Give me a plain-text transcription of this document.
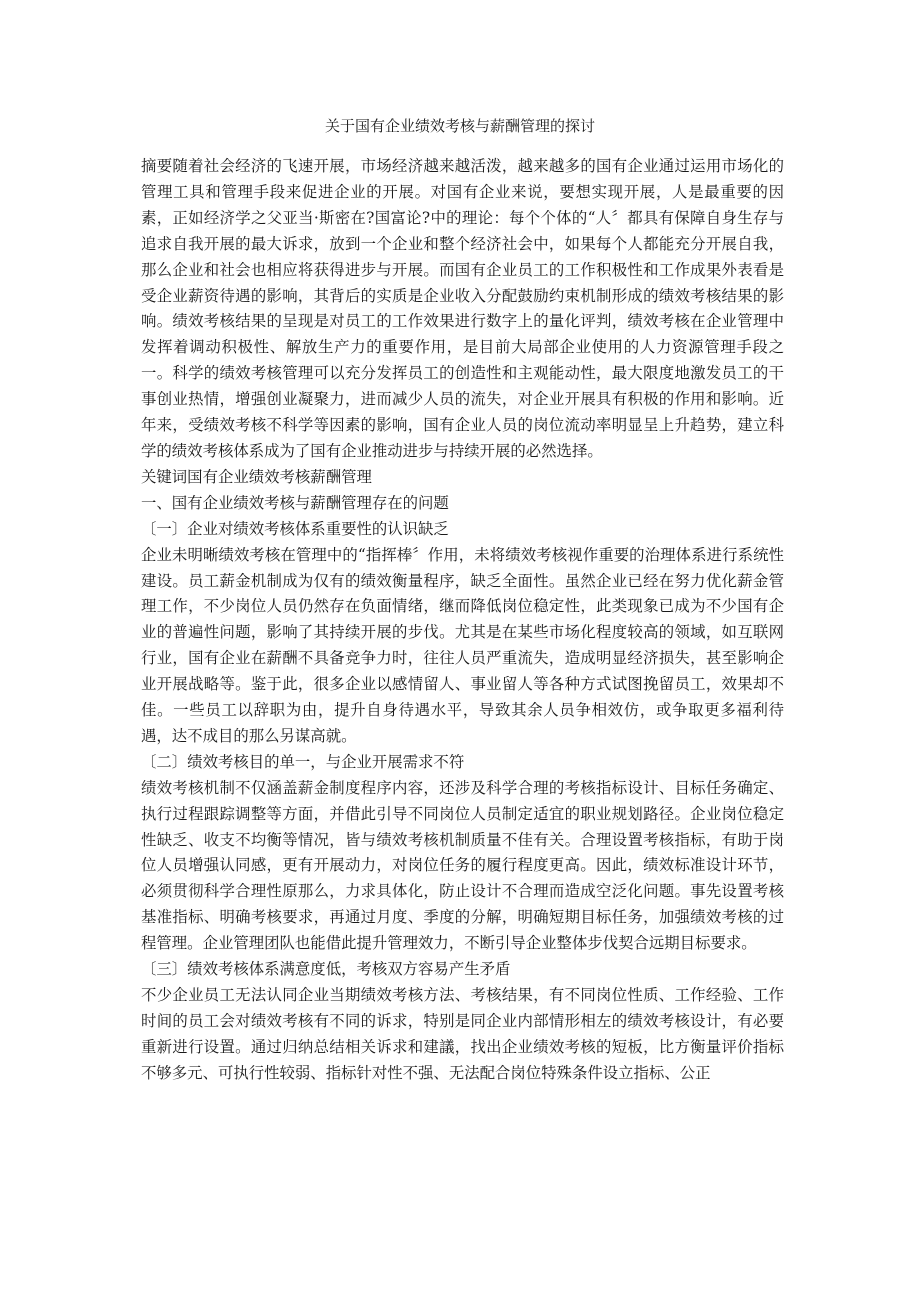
关于国有企业绩效考核与薪酬管理的探讨

摘要随着社会经济的飞速开展，市场经济越来越活泼，越来越多的国有企业通过运用市场化的管理工具和管理手段来促进企业的开展。对国有企业来说，要想实现开展，人是最重要的因素，正如经济学之父亚当·斯密在?国富论?中的理论：每个个体的“人〞都具有保障自身生存与追求自我开展的最大诉求，放到一个企业和整个经济社会中，如果每个人都能充分开展自我，那么企业和社会也相应将获得进步与开展。而国有企业员工的工作积极性和工作成果外表看是受企业薪资待遇的影响，其背后的实质是企业收入分配鼓励约束机制形成的绩效考核结果的影响。绩效考核结果的呈现是对员工的工作效果进行数字上的量化评判，绩效考核在企业管理中发挥着调动积极性、解放生产力的重要作用，是目前大局部企业使用的人力资源管理手段之一。科学的绩效考核管理可以充分发挥员工的创造性和主观能动性，最大限度地激发员工的干事创业热情，增强创业凝聚力，进而减少人员的流失，对企业开展具有积极的作用和影响。近年来，受绩效考核不科学等因素的影响，国有企业人员的岗位流动率明显呈上升趋势，建立科学的绩效考核体系成为了国有企业推动进步与持续开展的必然选择。

关键词国有企业绩效考核薪酬管理

一、国有企业绩效考核与薪酬管理存在的问题

〔一〕企业对绩效考核体系重要性的认识缺乏

企业未明晰绩效考核在管理中的“指挥棒〞作用，未将绩效考核视作重要的治理体系进行系统性建设。员工薪金机制成为仅有的绩效衡量程序，缺乏全面性。虽然企业已经在努力优化薪金管理工作，不少岗位人员仍然存在负面情绪，继而降低岗位稳定性，此类现象已成为不少国有企业的普遍性问题，影响了其持续开展的步伐。尤其是在某些市场化程度较高的领域，如互联网行业，国有企业在薪酬不具备竞争力时，往往人员严重流失，造成明显经济损失，甚至影响企业开展战略等。鉴于此，很多企业以感情留人、事业留人等各种方式试图挽留员工，效果却不佳。一些员工以辞职为由，提升自身待遇水平，导致其余人员争相效仿，或争取更多福利待遇，达不成目的那么另谋高就。

〔二〕绩效考核目的单一，与企业开展需求不符

绩效考核机制不仅涵盖薪金制度程序内容，还涉及科学合理的考核指标设计、目标任务确定、执行过程跟踪调整等方面，并借此引导不同岗位人员制定适宜的职业规划路径。企业岗位稳定性缺乏、收支不均衡等情况，皆与绩效考核机制质量不佳有关。合理设置考核指标，有助于岗位人员增强认同感，更有开展动力，对岗位任务的履行程度更高。因此，绩效标准设计环节，必须贯彻科学合理性原那么，力求具体化，防止设计不合理而造成空泛化问题。事先设置考核基准指标、明确考核要求，再通过月度、季度的分解，明确短期目标任务，加强绩效考核的过程管理。企业管理团队也能借此提升管理效力，不断引导企业整体步伐契合远期目标要求。

〔三〕绩效考核体系满意度低，考核双方容易产生矛盾

不少企业员工无法认同企业当期绩效考核方法、考核结果，有不同岗位性质、工作经验、工作时间的员工会对绩效考核有不同的诉求，特别是同企业内部情形相左的绩效考核设计，有必要重新进行设置。通过归纳总结相关诉求和建議，找出企业绩效考核的短板，比方衡量评价指标不够多元、可执行性较弱、指标针对性不强、无法配合岗位特殊条件设立指标、公正
